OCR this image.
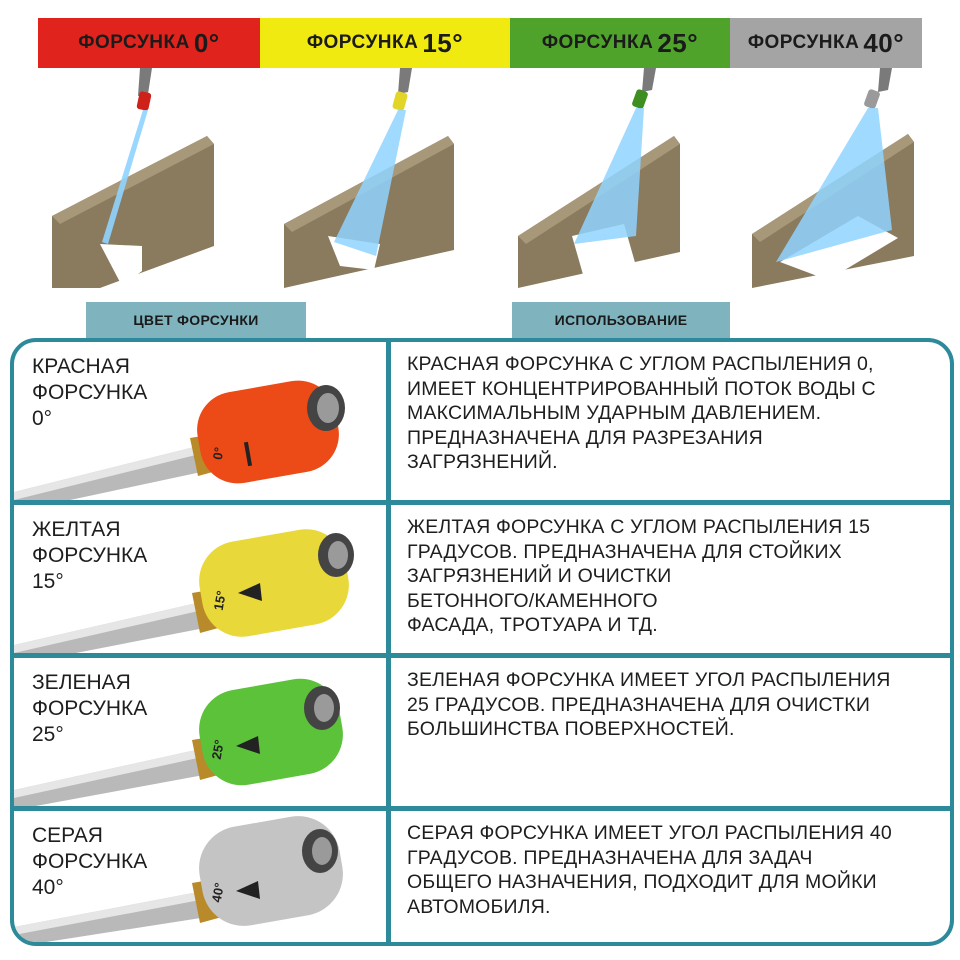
ФОРСУНКА 0°	ФОРСУНКА 15°	ФОРСУНКА 25°	ФОРСУНКА 40°
ЦВЕТ ФОРСУНКИ	ИСПОЛЬЗОВАНИЕ
КРАСНАЯ
ФОРСУНКА
0°
0°
КРАСНАЯ ФОРСУНКА С УГЛОМ РАСПЫЛЕНИЯ 0,
ИМЕЕТ КОНЦЕНТРИРОВАННЫЙ ПОТОК ВОДЫ С
МАКСИМАЛЬНЫМ УДАРНЫМ ДАВЛЕНИЕМ.
ПРЕДНАЗНАЧЕНА ДЛЯ РАЗРЕЗАНИЯ
ЗАГРЯЗНЕНИЙ.
ЖЕЛТАЯ
ФОРСУНКА
15°
15°
ЖЕЛТАЯ ФОРСУНКА С УГЛОМ РАСПЫЛЕНИЯ 15
ГРАДУСОВ. ПРЕДНАЗНАЧЕНА ДЛЯ СТОЙКИХ
ЗАГРЯЗНЕНИЙ И ОЧИСТКИ
БЕТОННОГО/КАМЕННОГО
ФАСАДА, ТРОТУАРА И ТД.
ЗЕЛЕНАЯ
ФОРСУНКА
25°
25°
ЗЕЛЕНАЯ ФОРСУНКА ИМЕЕТ УГОЛ РАСПЫЛЕНИЯ
25 ГРАДУСОВ. ПРЕДНАЗНАЧЕНА ДЛЯ ОЧИСТКИ
БОЛЬШИНСТВА ПОВЕРХНОСТЕЙ.
СЕРАЯ
ФОРСУНКА
40°	40°
СЕРАЯ ФОРСУНКА ИМЕЕТ УГОЛ РАСПЫЛЕНИЯ 40
ГРАДУСОВ. ПРЕДНАЗНАЧЕНА ДЛЯ ЗАДАЧ
ОБЩЕГО НАЗНАЧЕНИЯ, ПОДХОДИТ ДЛЯ МОЙКИ
АВТОМОБИЛЯ.
